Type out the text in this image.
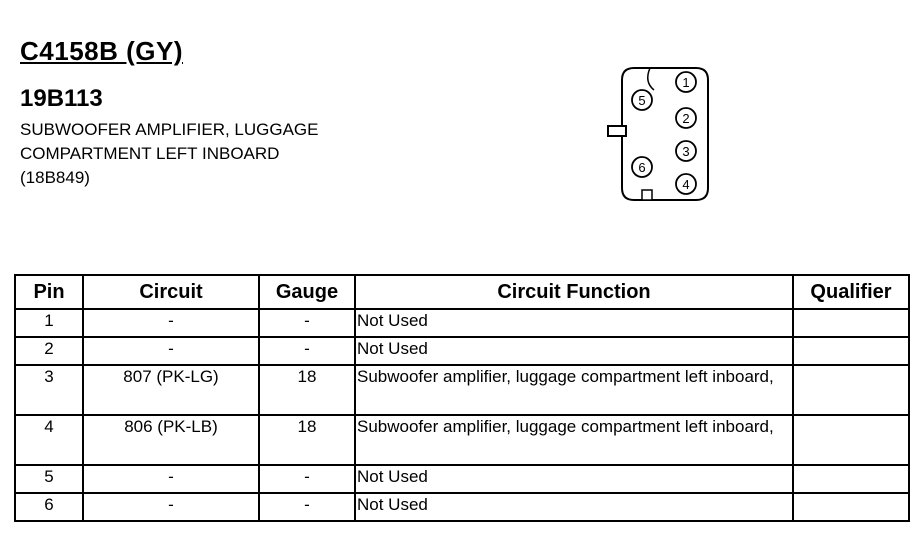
C4158B (GY)
19B113
SUBWOOFER AMPLIFIER, LUGGAGE
COMPARTMENT LEFT INBOARD
(18B849)
1
2
3
4
5
6
Pin	Circuit	Gauge	Circuit Function	Qualifier
1	-	-	Not Used	
2	-	-	Not Used	
3	807 (PK-LG)	18	Subwoofer amplifier, luggage compartment left inboard,	
4	806 (PK-LB)	18	Subwoofer amplifier, luggage compartment left inboard,	
5	-	-	Not Used	
6	-	-	Not Used	
